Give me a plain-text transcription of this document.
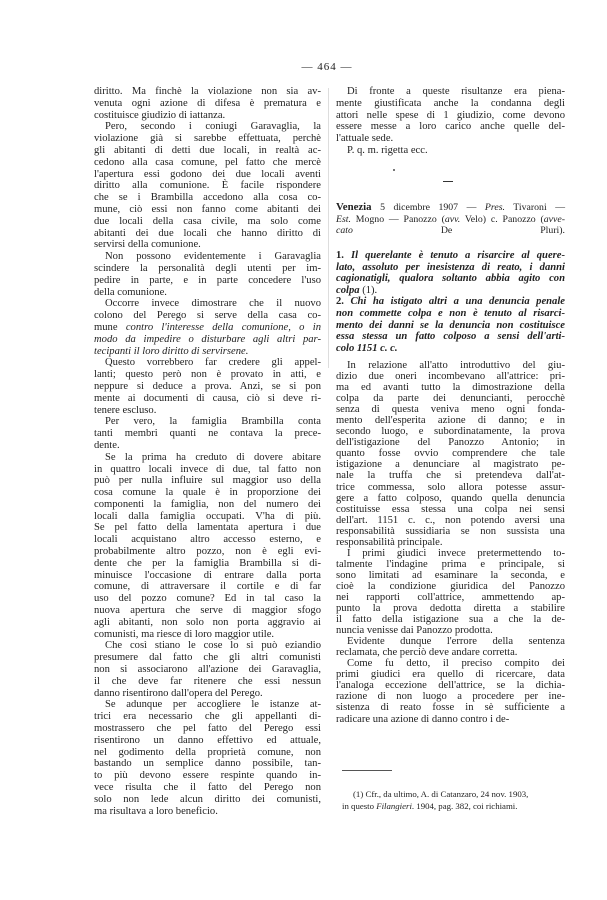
— 464 —
diritto. Ma finchè la violazione non sia av-
venuta ogni azione di difesa è prematura e
costituisce giudizio di iattanza.
Pero, secondo i coniugi Garavaglia, la
violazione già si sarebbe effettuata, perchè
gli abitanti di detti due locali, in realtà ac-
cedono alla casa comune, pel fatto che mercè
l'apertura essi godono dei due locali aventi
diritto alla comunione. È facile rispondere
che se i Brambilla accedono alla cosa co-
mune, ciò essi non fanno come abitanti dei
due locali della casa civile, ma solo come
abitanti dei due locali che hanno diritto di
servirsi della comunione.
Non possono evidentemente i Garavaglia
scindere la personalità degli utenti per im-
pedire in parte, e in parte concedere l'uso
della comunione.
Occorre invece dimostrare che il nuovo
colono del Perego si serve della casa co-
mune contro l'interesse della comunione, o in
modo da impedire o disturbare agli altri par-
tecipanti il loro diritto di servirsene.
Questo vorrebbero far credere gli appel-
lanti; questo però non è provato in atti, e
neppure si deduce a prova. Anzi, se si pon
mente ai documenti di causa, ciò si deve ri-
tenere escluso.
Per vero, la famiglia Brambilla conta
tanti membri quanti ne contava la prece-
dente.
Se la prima ha creduto di dovere abitare
in quattro locali invece di due, tal fatto non
può per nulla influire sul maggior uso della
cosa comune la quale è in proporzione dei
componenti la famiglia, non del numero dei
locali dalla famiglia occupati. V'ha di più.
Se pel fatto della lamentata apertura i due
locali acquistano altro accesso esterno, e
probabilmente altro pozzo, non è egli evi-
dente che per la famiglia Brambilla si di-
minuisce l'occasione di entrare dalla porta
comune, di attraversare il cortile e di far
uso del pozzo comune? Ed in tal caso la
nuova apertura che serve di maggior sfogo
agli abitanti, non solo non porta aggravio ai
comunisti, ma riesce di loro maggior utile.
Che così stiano le cose lo si può eziandio
presumere dal fatto che gli altri comunisti
non si associarono all'azione dei Garavaglia,
il che deve far ritenere che essi nessun
danno risentirono dall'opera del Perego.
Se adunque per accogliere le istanze at-
trici era necessario che gli appellanti di-
mostrassero che pel fatto del Perego essi
risentirono un danno effettivo ed attuale,
nel godimento della proprietà comune, non
bastando un semplice danno possibile, tan-
to più devono essere respinte quando in-
vece risulta che il fatto del Perego non
solo non lede alcun diritto dei comunisti,
ma risultava a loro beneficio.
Di fronte a queste risultanze era piena-
mente giustificata anche la condanna degli
attori nelle spese di 1 giudizio, come devono
essere messe a loro carico anche quelle del-
l'attuale sede.
P. q. m. rigetta ecc.
Venezia 5 dicembre 1907 — Pres. Tivaroni —
Est. Mogno — Panozzo (avv. Velo) c. Panozzo (avve-
cato De Pluri).
1. Il querelante è tenuto a risarcire al quere-
lato, assoluto per inesistenza di reato, i danni
cagionatigli, qualora soltanto abbia agito con
colpa (1).
2. Chi ha istigato altri a una denuncia penale
non commette colpa e non è tenuto al risarci-
mento dei danni se la denuncia non costituisce
essa stessa un fatto colposo a sensi dell'arti-
colo 1151 c. c.
In relazione all'atto introduttivo del giu-
dizio due oneri incombevano all'attrice: pri-
ma ed avanti tutto la dimostrazione della
colpa da parte dei denuncianti, perocchè
senza di questa veniva meno ogni fonda-
mento dell'esperita azione di danno; e in
secondo luogo, e subordinatamente, la prova
dell'istigazione del Panozzo Antonio; in
quanto fosse ovvio comprendere che tale
istigazione a denunciare al magistrato pe-
nale la truffa che si pretendeva dall'at-
trice commessa, solo allora potesse assur-
gere a fatto colposo, quando quella denuncia
costituisse essa stessa una colpa nei sensi
dell'art. 1151 c. c., non potendo aversi una
responsabilità sussidiaria se non sussista una
responsabilità principale.
I primi giudici invece pretermettendo to-
talmente l'indagine prima e principale, si
sono limitati ad esaminare la seconda, e
cioè la condizione giuridica del Panozzo
nei rapporti coll'attrice, ammettendo ap-
punto la prova dedotta diretta a stabilire
il fatto della istigazione sua a che la de-
nuncia venisse dai Panozzo prodotta.
Evidente dunque l'errore della sentenza
reclamata, che perciò deve andare corretta.
Come fu detto, il preciso compito dei
primi giudici era quello di ricercare, data
l'analoga eccezione dell'attrice, se la dichia-
razione di non luogo a procedere per ine-
sistenza di reato fosse in sè sufficiente a
radicare una azione di danno contro i de-
(1) Cfr., da ultimo, A. di Catanzaro, 24 nov. 1903,
in questo Filangieri. 1904, pag. 382, coi richiami.
